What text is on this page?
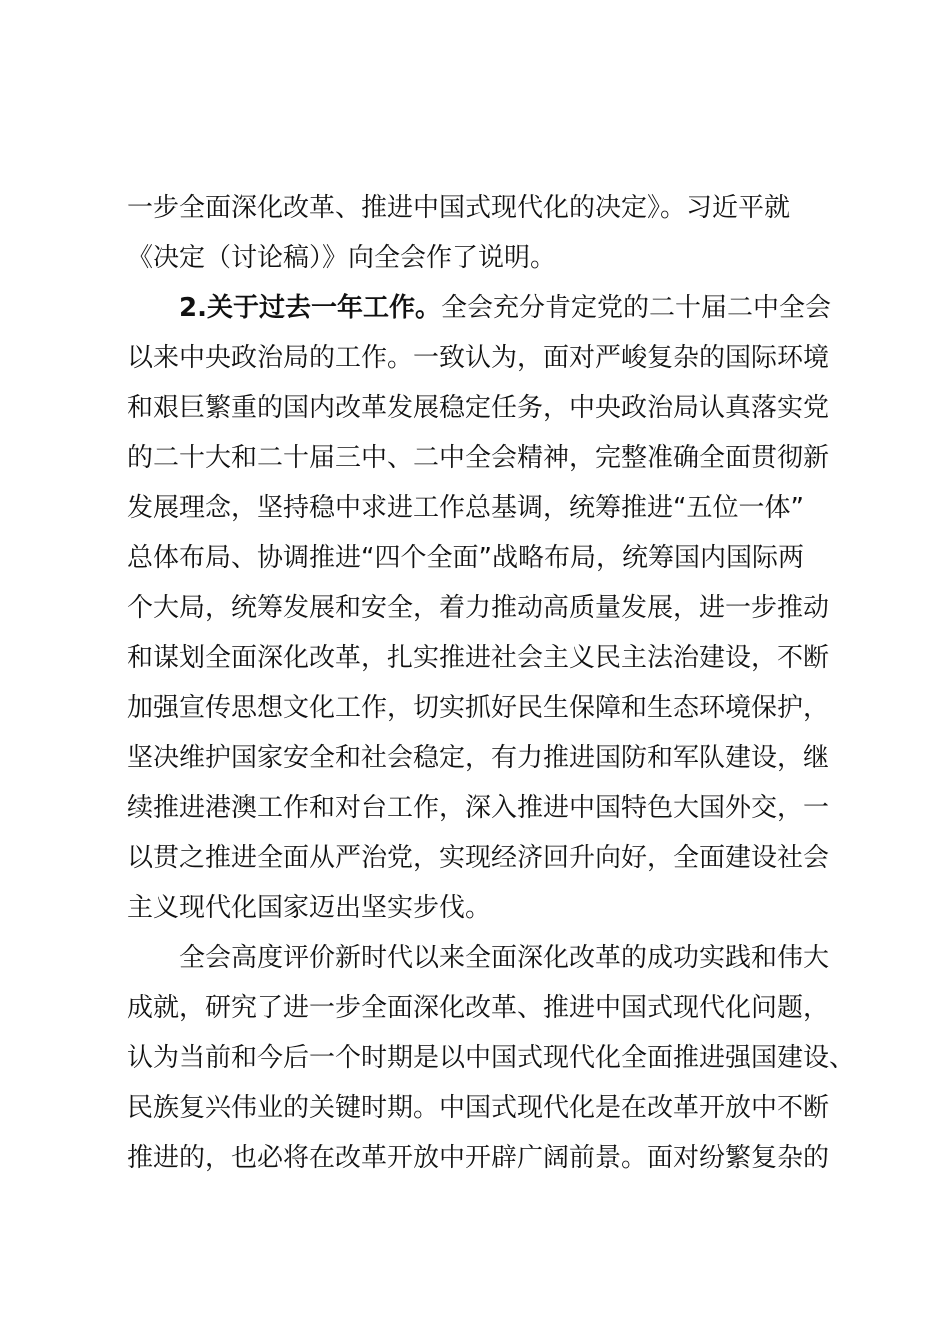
一步全面深化改革、推进中国式现代化的决定》。习近平就
《决定（讨论稿）》向全会作了说明。
2.关于过去一年工作。全会充分肯定党的二十届二中全会
以来中央政治局的工作。一致认为，面对严峻复杂的国际环境
和艰巨繁重的国内改革发展稳定任务，中央政治局认真落实党
的二十大和二十届三中、二中全会精神，完整准确全面贯彻新
发展理念，坚持稳中求进工作总基调，统筹推进“五位一体”
总体布局、协调推进“四个全面”战略布局，统筹国内国际两
个大局，统筹发展和安全，着力推动高质量发展，进一步推动
和谋划全面深化改革，扎实推进社会主义民主法治建设，不断
加强宣传思想文化工作，切实抓好民生保障和生态环境保护，
坚决维护国家安全和社会稳定，有力推进国防和军队建设，继
续推进港澳工作和对台工作，深入推进中国特色大国外交，一
以贯之推进全面从严治党，实现经济回升向好，全面建设社会
主义现代化国家迈出坚实步伐。
全会高度评价新时代以来全面深化改革的成功实践和伟大
成就，研究了进一步全面深化改革、推进中国式现代化问题，
认为当前和今后一个时期是以中国式现代化全面推进强国建设、
民族复兴伟业的关键时期。中国式现代化是在改革开放中不断
推进的，也必将在改革开放中开辟广阔前景。面对纷繁复杂的
